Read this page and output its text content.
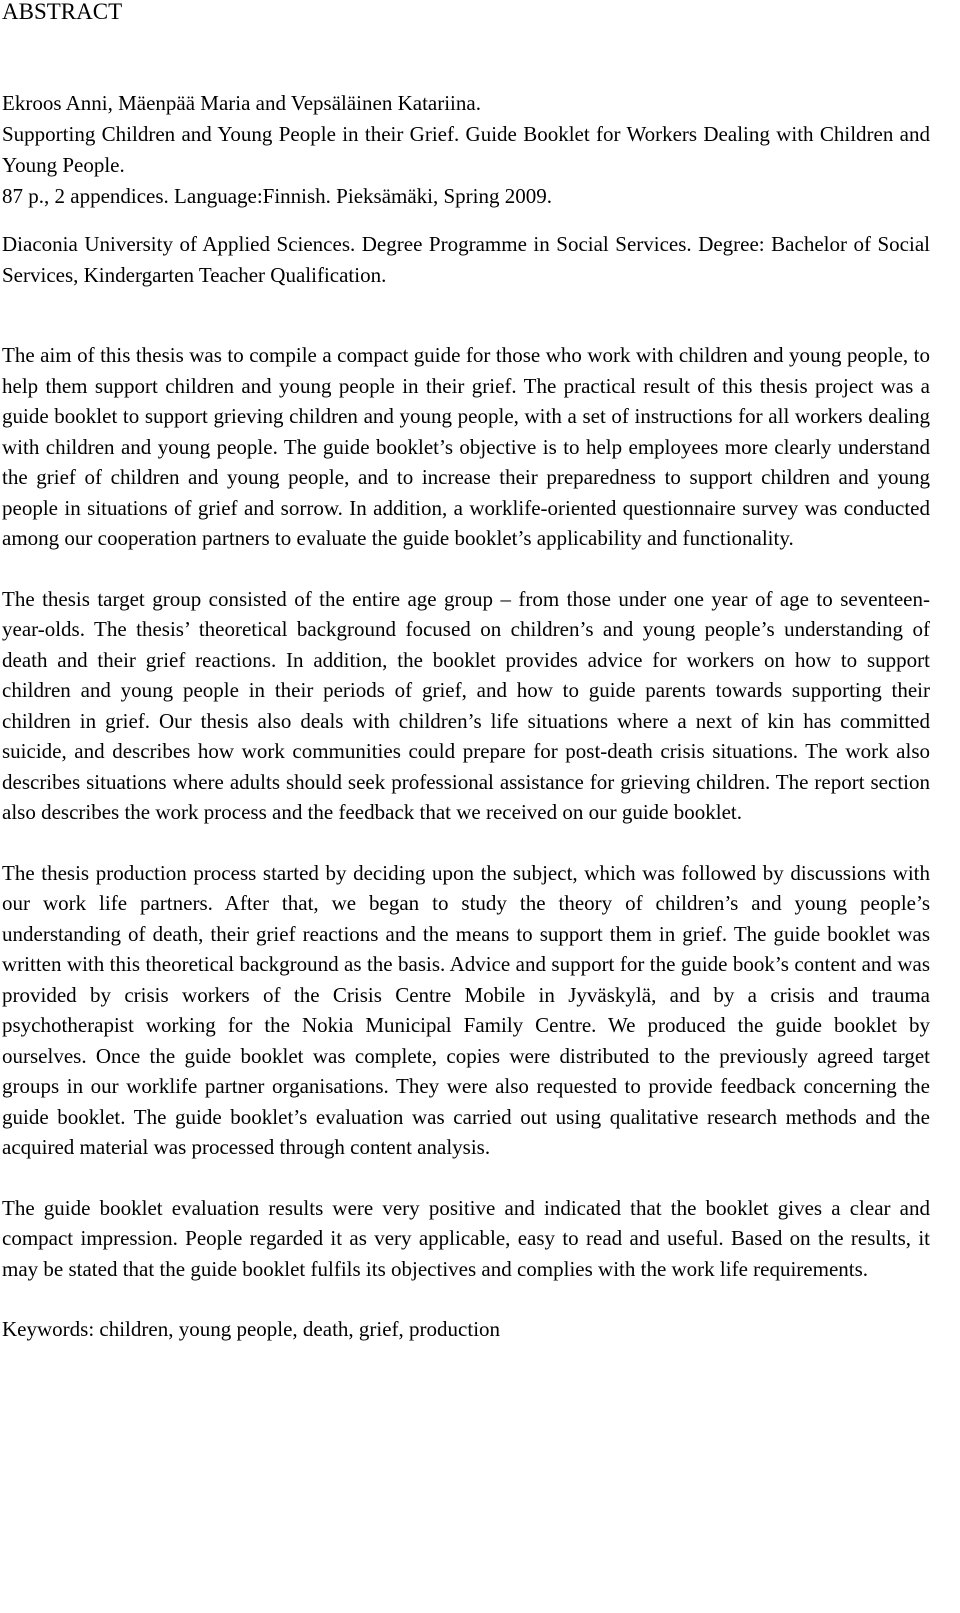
ABSTRACT
Ekroos Anni, Mäenpää Maria and Vepsäläinen Katariina.
Supporting Children and Young People in their Grief. Guide Booklet for Workers Dealing with Children and Young People.
87 p., 2 appendices. Language:Finnish. Pieksämäki, Spring 2009.
Diaconia University of Applied Sciences. Degree Programme in Social Services. Degree: Bachelor of Social Services, Kindergarten Teacher Qualification.

The aim of this thesis was to compile a compact guide for those who work with children and young people, to help them support children and young people in their grief. The practical result of this thesis project was a guide booklet to support grieving children and young people, with a set of instructions for all workers dealing with children and young people. The guide booklet’s objective is to help employees more clearly understand the grief of children and young people, and to increase their preparedness to support children and young people in situations of grief and sorrow. In addition, a worklife-oriented questionnaire survey was conducted among our cooperation partners to evaluate the guide booklet’s applicability and functionality.

The thesis target group consisted of the entire age group – from those under one year of age to seventeen-year-olds. The thesis’ theoretical background focused on children’s and young people’s understanding of death and their grief reactions. In addition, the booklet provides advice for workers on how to support children and young people in their periods of grief, and how to guide parents towards supporting their children in grief. Our thesis also deals with children’s life situations where a next of kin has committed suicide, and describes how work communities could prepare for post-death crisis situations. The work also describes situations where adults should seek professional assistance for grieving children. The report section also describes the work process and the feedback that we received on our guide booklet.

The thesis production process started by deciding upon the subject, which was followed by discussions with our work life partners. After that, we began to study the theory of children’s and young people’s understanding of death, their grief reactions and the means to support them in grief. The guide booklet was written with this theoretical background as the basis. Advice and support for the guide book’s content and was provided by crisis workers of the Crisis Centre Mobile in Jyväskylä, and by a crisis and trauma psychotherapist working for the Nokia Municipal Family Centre. We produced the guide booklet by ourselves. Once the guide booklet was complete, copies were distributed to the previously agreed target groups in our worklife partner organisations. They were also requested to provide feedback concerning the guide booklet. The guide booklet’s evaluation was carried out using qualitative research methods and the acquired material was processed through content analysis.

The guide booklet evaluation results were very positive and indicated that the booklet gives a clear and compact impression. People regarded it as very applicable, easy to read and useful. Based on the results, it may be stated that the guide booklet fulfils its objectives and complies with the work life requirements.

Keywords: children, young people, death, grief, production
